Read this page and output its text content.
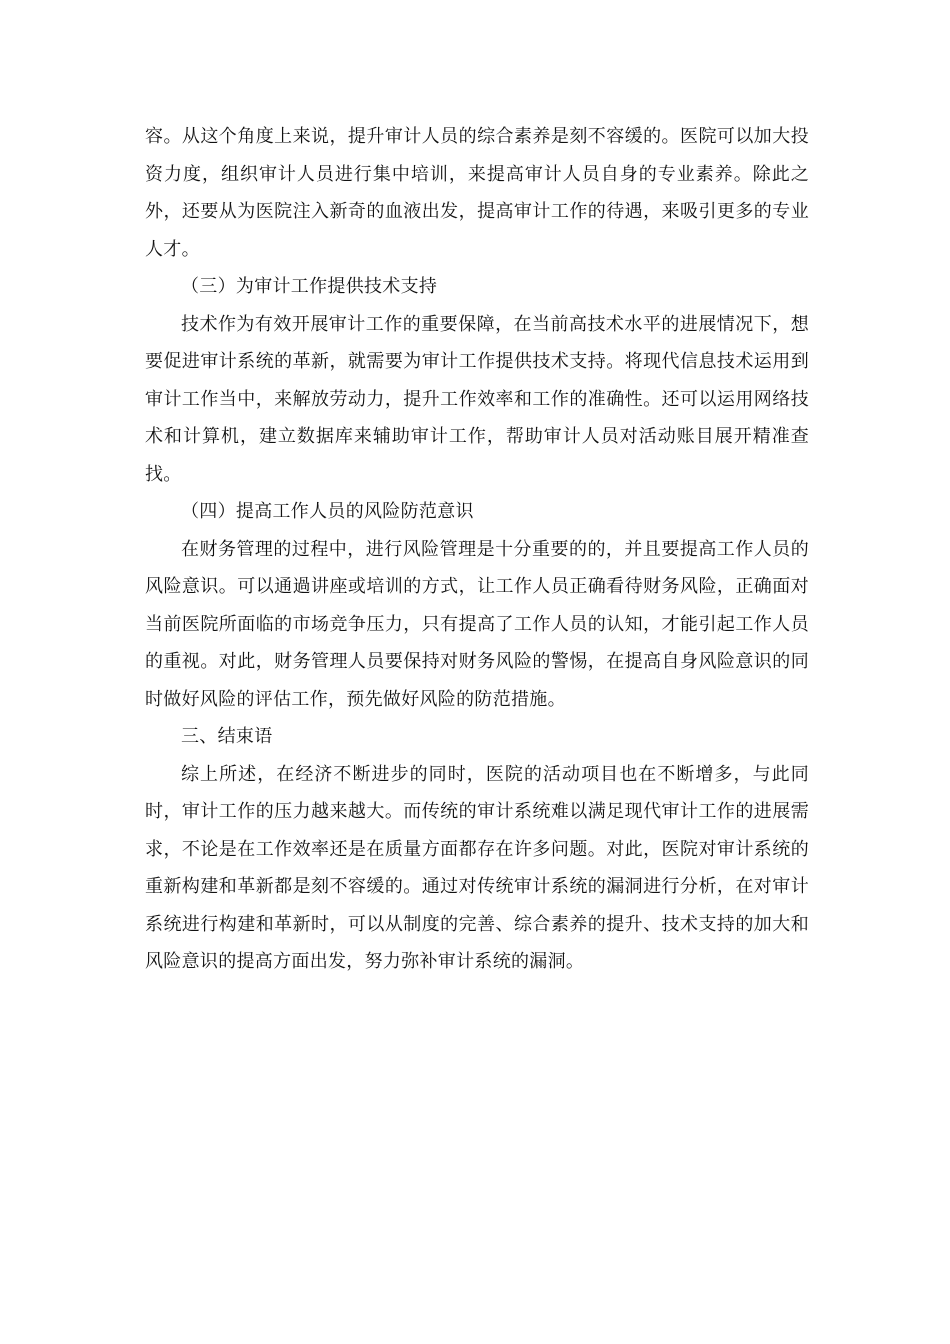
容。从这个角度上来说，提升审计人员的综合素养是刻不容缓的。医院可以加大投资力度，组织审计人员进行集中培训，来提高审计人员自身的专业素养。除此之外，还要从为医院注入新奇的血液出发，提高审计工作的待遇，来吸引更多的专业人才。

（三）为审计工作提供技术支持

技术作为有效开展审计工作的重要保障，在当前高技术水平的进展情况下，想要促进审计系统的革新，就需要为审计工作提供技术支持。将现代信息技术运用到审计工作当中，来解放劳动力，提升工作效率和工作的准确性。还可以运用网络技术和计算机，建立数据库来辅助审计工作，帮助审计人员对活动账目展开精准查找。

（四）提高工作人员的风险防范意识

在财务管理的过程中，进行风险管理是十分重要的的，并且要提高工作人员的风险意识。可以通過讲座或培训的方式，让工作人员正确看待财务风险，正确面对当前医院所面临的市场竞争压力，只有提高了工作人员的认知，才能引起工作人员的重视。对此，财务管理人员要保持对财务风险的警惕，在提高自身风险意识的同时做好风险的评估工作，预先做好风险的防范措施。

三、结束语

综上所述，在经济不断进步的同时，医院的活动项目也在不断增多，与此同时，审计工作的压力越来越大。而传统的审计系统难以满足现代审计工作的进展需求，不论是在工作效率还是在质量方面都存在许多问题。对此，医院对审计系统的重新构建和革新都是刻不容缓的。通过对传统审计系统的漏洞进行分析，在对审计系统进行构建和革新时，可以从制度的完善、综合素养的提升、技术支持的加大和风险意识的提高方面出发，努力弥补审计系统的漏洞。
